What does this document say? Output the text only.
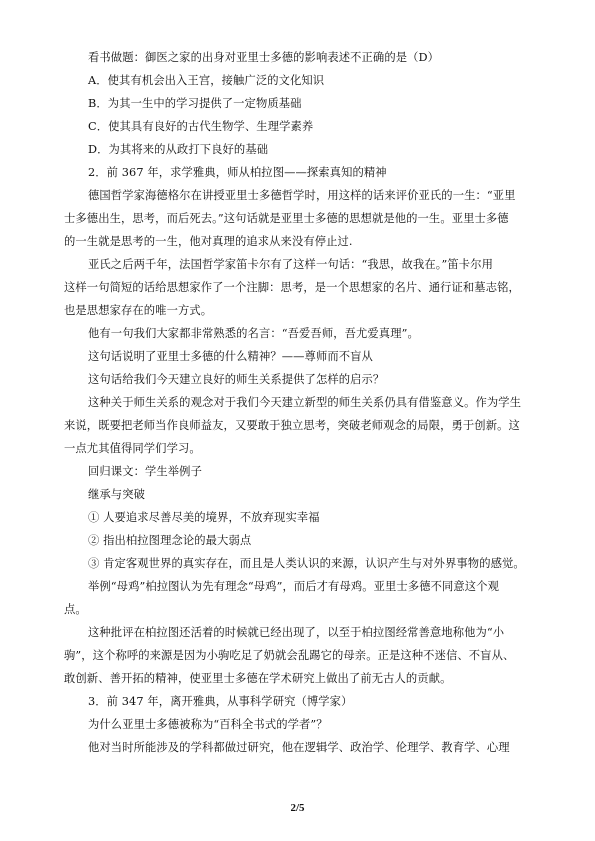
看书做题：御医之家的出身对亚里士多德的影响表述不正确的是（D）
A．使其有机会出入王宫，接触广泛的文化知识
B．为其一生中的学习提供了一定物质基础
C．使其具有良好的古代生物学、生理学素养
D．为其将来的从政打下良好的基础
2．前 367 年，求学雅典，师从柏拉图——探索真知的精神
德国哲学家海德格尔在讲授亚里士多德哲学时，用这样的话来评价亚氏的一生：“亚里
士多德出生，思考，而后死去。”这句话就是亚里士多德的思想就是他的一生。亚里士多德
的一生就是思考的一生，他对真理的追求从来没有停止过.
亚氏之后两千年，法国哲学家笛卡尔有了这样一句话：“我思，故我在。”笛卡尔用
这样一句简短的话给思想家作了一个注脚：思考，是一个思想家的名片、通行证和墓志铭，
也是思想家存在的唯一方式。
他有一句我们大家都非常熟悉的名言：“吾爱吾师，吾尤爱真理”。
这句话说明了亚里士多德的什么精神？——尊师而不盲从
这句话给我们今天建立良好的师生关系提供了怎样的启示？
这种关于师生关系的观念对于我们今天建立新型的师生关系仍具有借鉴意义。作为学生
来说，既要把老师当作良师益友，又要敢于独立思考，突破老师观念的局限，勇于创新。这
一点尤其值得同学们学习。
回归课文：学生举例子
继承与突破
① 人要追求尽善尽美的境界，不放弃现实幸福
② 指出柏拉图理念论的最大弱点
③ 肯定客观世界的真实存在，而且是人类认识的来源，认识产生与对外界事物的感觉。
举例“母鸡”柏拉图认为先有理念“母鸡”，而后才有母鸡。亚里士多德不同意这个观
点。
这种批评在柏拉图还活着的时候就已经出现了，以至于柏拉图经常善意地称他为“小
驹”，这个称呼的来源是因为小驹吃足了奶就会乱踢它的母亲。正是这种不迷信、不盲从、
敢创新、善开拓的精神，使亚里士多德在学术研究上做出了前无古人的贡献。
3．前 347 年，离开雅典，从事科学研究（博学家）
为什么亚里士多德被称为“百科全书式的学者”？
他对当时所能涉及的学科都做过研究，他在逻辑学、政治学、伦理学、教育学、心理
2/5
